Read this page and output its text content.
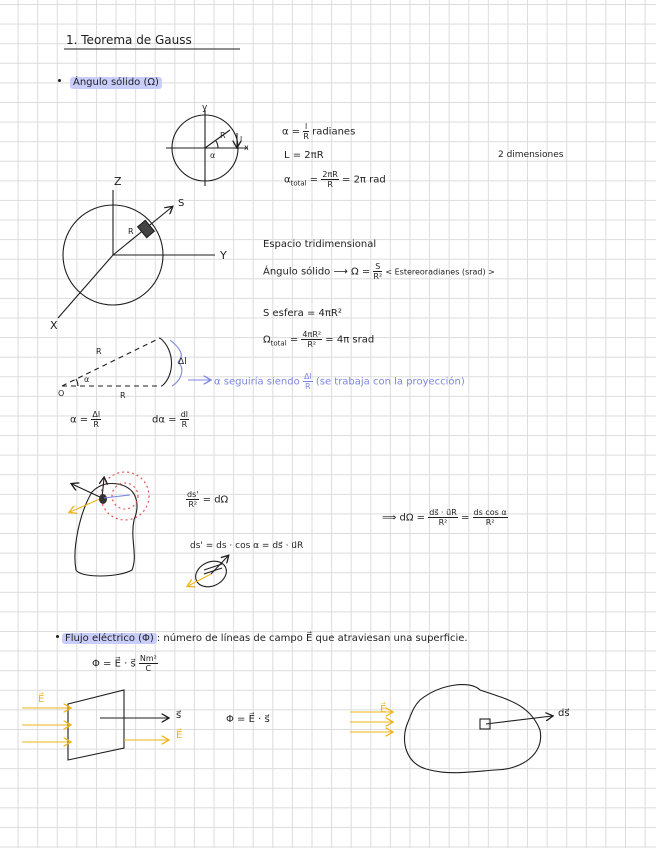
1. Teorema de Gauss
Ángulo sólido (Ω)
y
x
α
R l
$\alpha = \frac{l}{R}$ radianes
L = 2πR	2 dimensiones
$\alpha_{total} = \frac{2\pi R}{R} = 2\pi$ rad
Z
Y
X
S
R
Espacio tridimensional
Ángulo sólido ⟶ $\Omega = \frac{S}{\text{R²}}$ < Estereoradianes (srad) >
S esfera = 4πR²
$\Omega_{total} = \frac{\text{4πR²}}{\text{R²}} = 4\pi$ srad
R
R
α
O
Δl
α seguiría siendo $\frac{\Delta l}{R} (se$ trabaja con la proyección)
$\alpha = \frac{\Delta l}{R}$	$d\alpha = \frac{dl}{R}$
$\frac{ds'}{\text{R²}} = d\Omega$
ds' = ds · cos α = ds⃗ · u⃗R
⟹ $d\Omega = \frac{ds⃗ \cdot u⃗R}{\text{R²}} = \frac{\text{ds cos α}}{\text{R²}}$
Flujo eléctrico (Φ) : número de líneas de campo E⃗ que atraviesan una superficie.
Φ = E⃗ · s⃗ $\frac{\text{Nm²}}{C}$
E⃗
s⃗
E⃗
Φ = E⃗ · s⃗
E⃗	ds⃗
